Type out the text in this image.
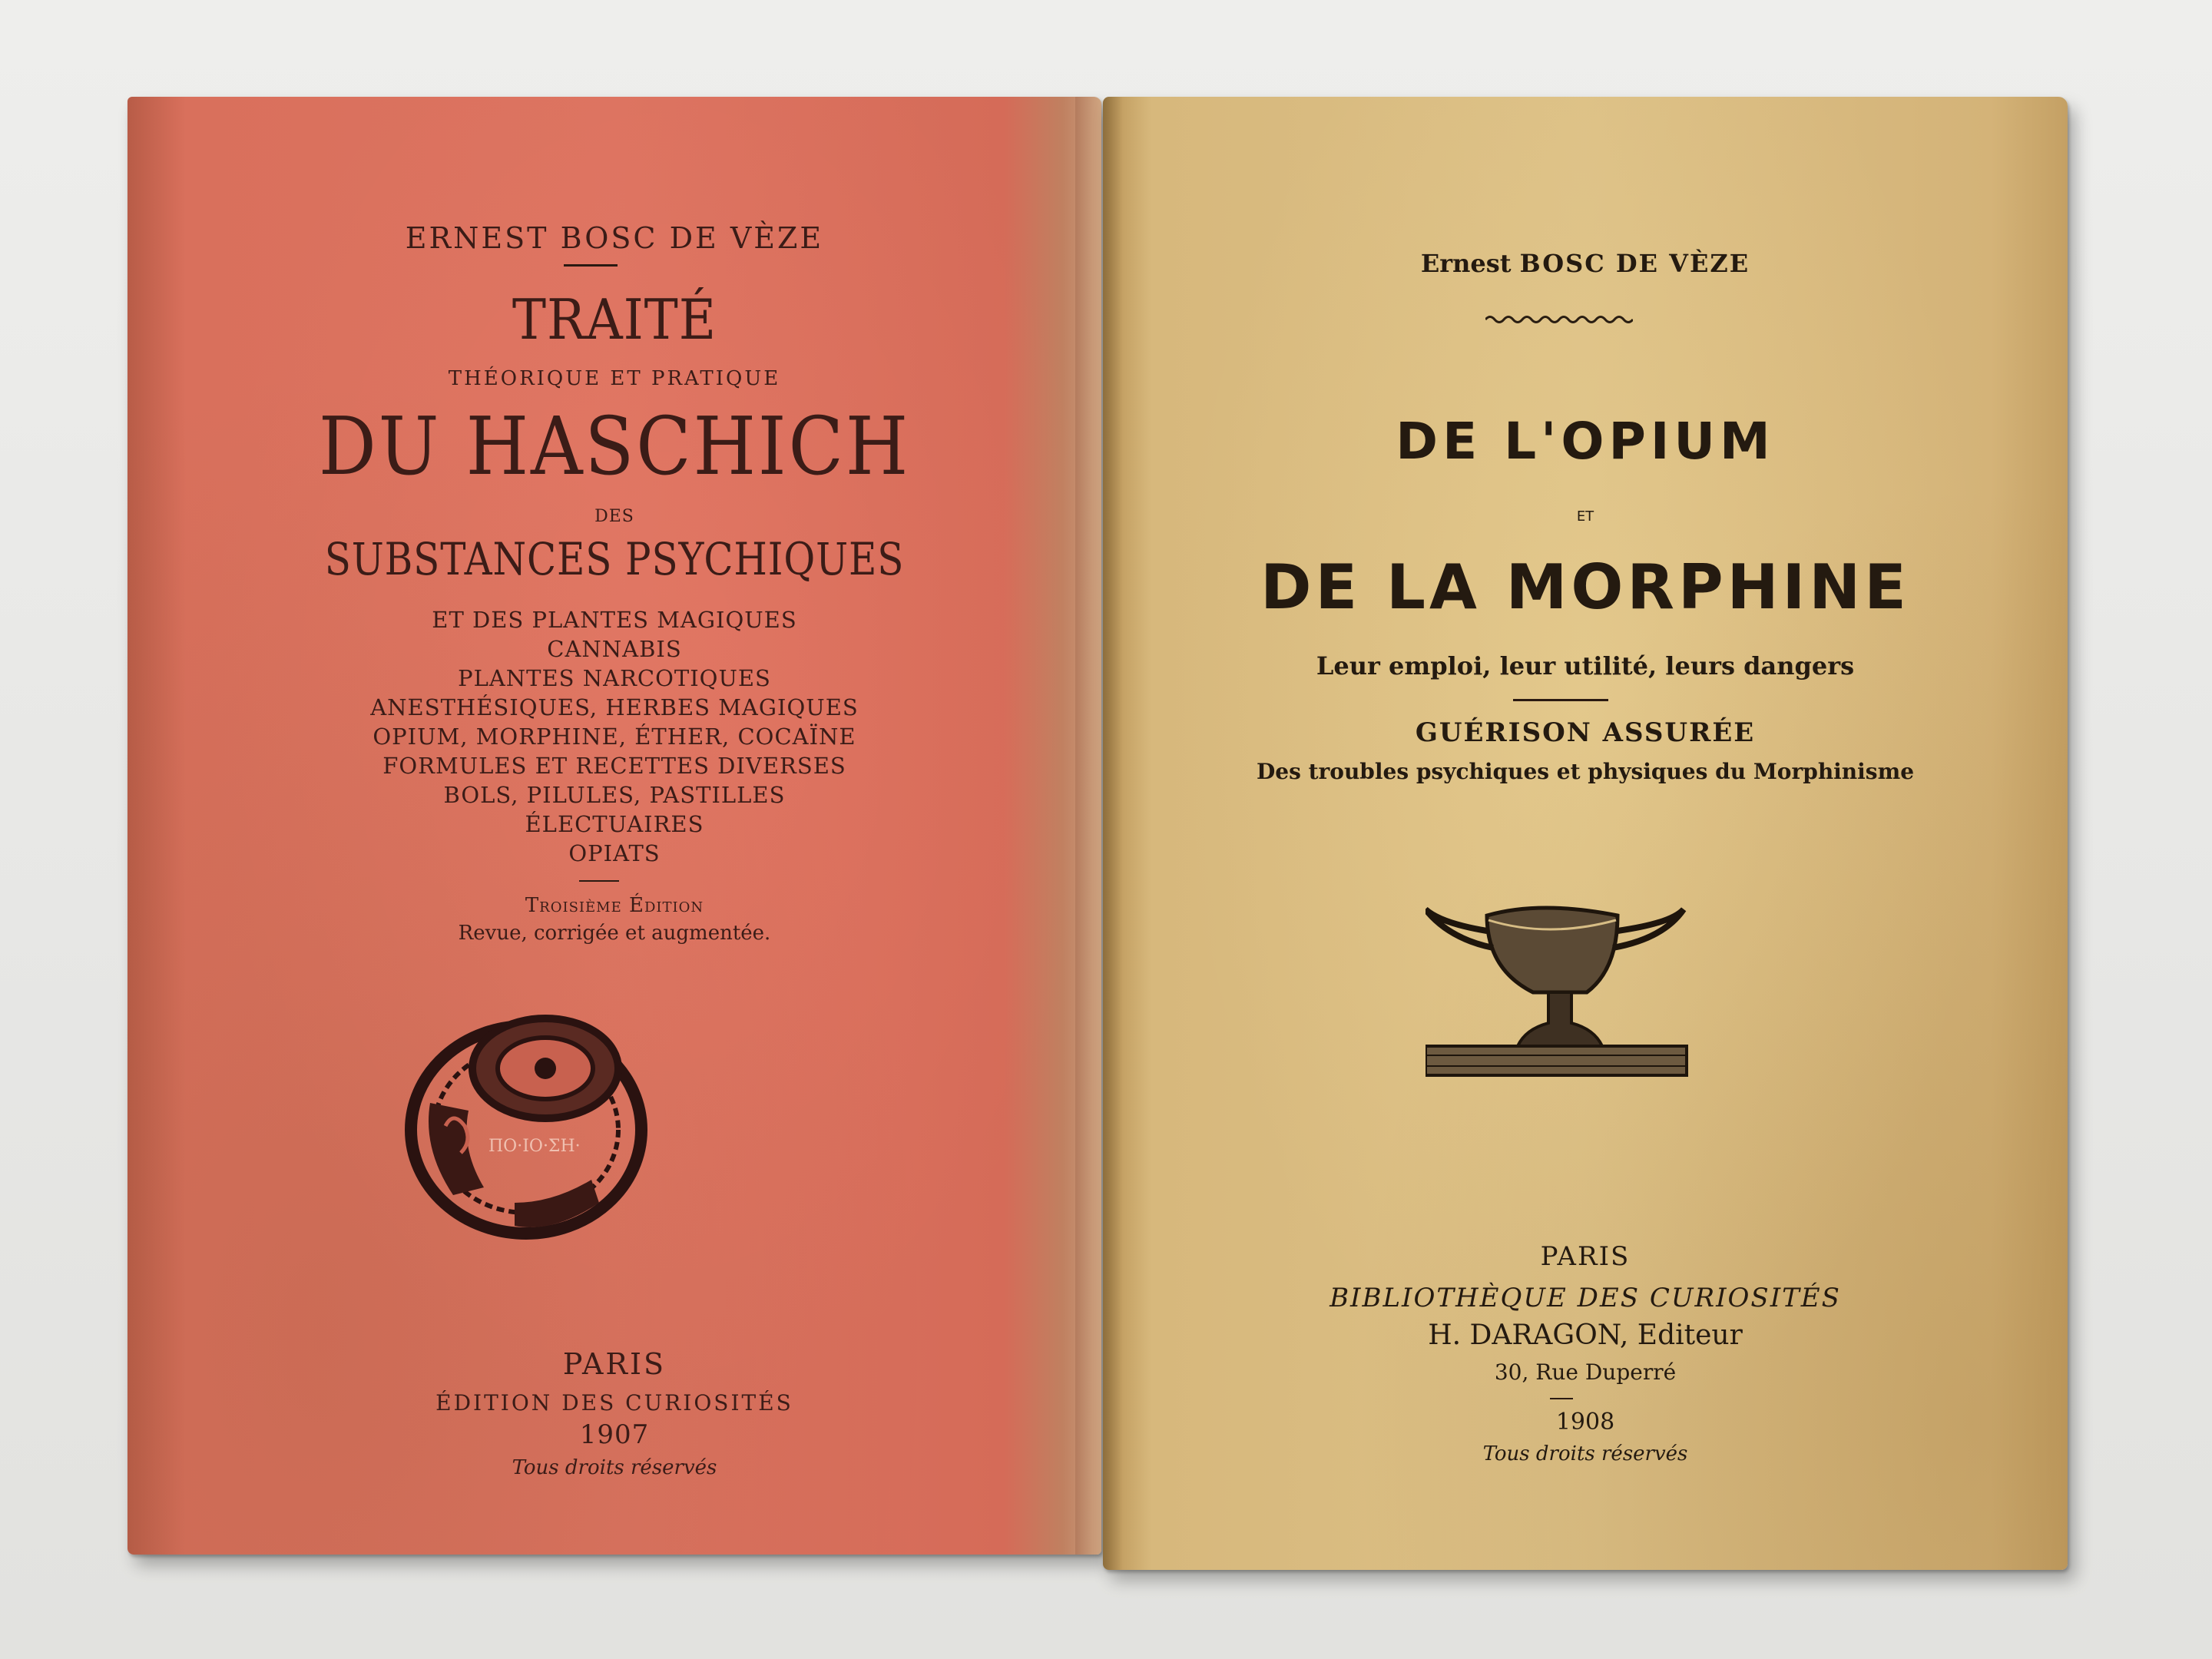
ERNEST BOSC DE VÈZE
TRAITÉ
THÉORIQUE ET PRATIQUE
DU HASCHICH
DES
SUBSTANCES PSYCHIQUES
ET DES PLANTES MAGIQUES
CANNABIS
PLANTES NARCOTIQUES
ANESTHÉSIQUES, HERBES MAGIQUES
OPIUM, MORPHINE, ÉTHER, COCAÏNE
FORMULES ET RECETTES DIVERSES
BOLS, PILULES, PASTILLES
ÉLECTUAIRES
OPIATS
Troisième Édition
Revue, corrigée et augmentée.
ΠΟ·ΙΟ·ΣΗ·
PARIS
ÉDITION DES CURIOSITÉS
1907
Tous droits réservés
Ernest BOSC DE VÈZE
DE L'OPIUM
ET
DE LA MORPHINE
Leur emploi, leur utilité, leurs dangers
GUÉRISON ASSURÉE
Des troubles psychiques et physiques du Morphinisme
PARIS
BIBLIOTHÈQUE DES CURIOSITÉS
H. DARAGON, Editeur
30, Rue Duperré
1908
Tous droits réservés
